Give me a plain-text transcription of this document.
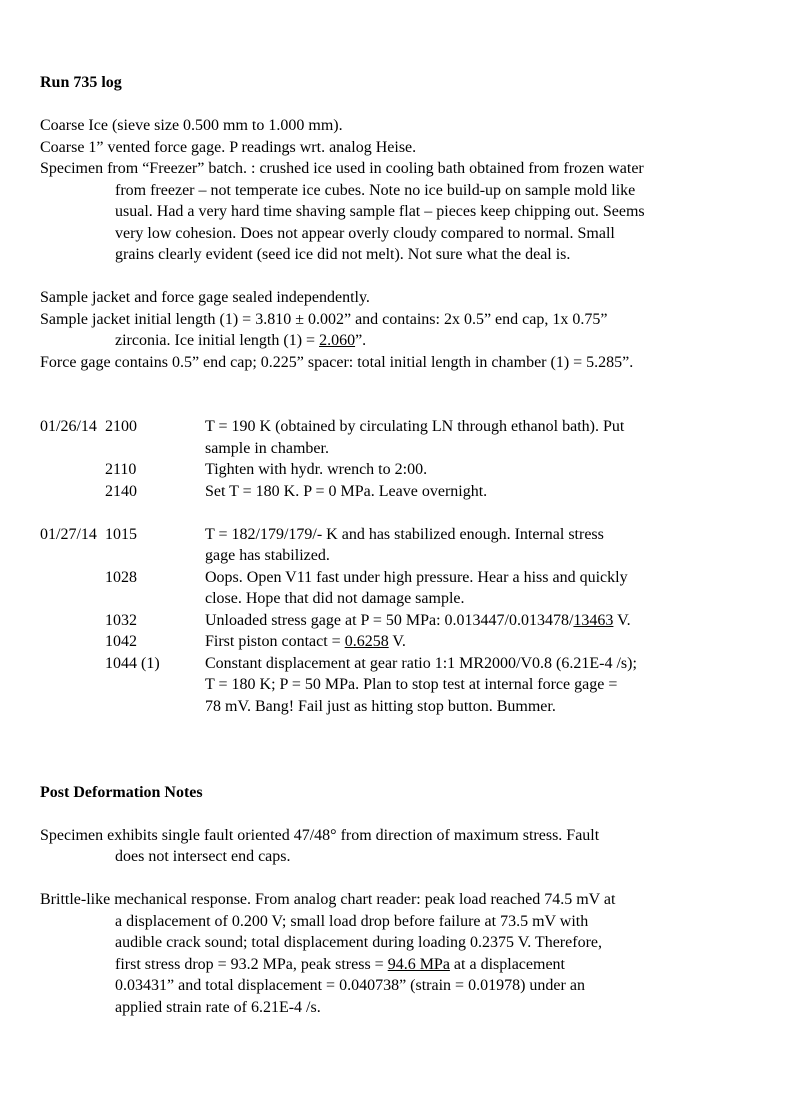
Run 735 log
Coarse Ice (sieve size 0.500 mm to 1.000 mm).
Coarse 1” vented force gage. P readings wrt. analog Heise.
Specimen from “Freezer” batch. : crushed ice used in cooling bath obtained from frozen water
from freezer – not temperate ice cubes. Note no ice build-up on sample mold like
usual. Had a very hard time shaving sample flat – pieces keep chipping out. Seems
very low cohesion. Does not appear overly cloudy compared to normal. Small
grains clearly evident (seed ice did not melt). Not sure what the deal is.
Sample jacket and force gage sealed independently.
Sample jacket initial length (1) = 3.810 ± 0.002” and contains: 2x 0.5” end cap, 1x 0.75”
zirconia. Ice initial length (1) = 2.060”.
Force gage contains 0.5” end cap; 0.225” spacer: total initial length in chamber (1) = 5.285”.
01/26/14 2100	T = 190 K (obtained by circulating LN through ethanol bath). Put
sample in chamber.
2110	Tighten with hydr. wrench to 2:00.
2140	Set T = 180 K. P = 0 MPa. Leave overnight.
01/27/14 1015	T = 182/179/179/- K and has stabilized enough. Internal stress
gage has stabilized.
1028	Oops. Open V11 fast under high pressure. Hear a hiss and quickly
close. Hope that did not damage sample.
1032	Unloaded stress gage at P = 50 MPa: 0.013447/0.013478/13463 V.
1042	First piston contact = 0.6258 V.
1044 (1)	Constant displacement at gear ratio 1:1 MR2000/V0.8 (6.21E-4 /s);
T = 180 K; P = 50 MPa. Plan to stop test at internal force gage =
78 mV. Bang! Fail just as hitting stop button. Bummer.
Post Deformation Notes
Specimen exhibits single fault oriented 47/48° from direction of maximum stress. Fault
does not intersect end caps.
Brittle-like mechanical response. From analog chart reader: peak load reached 74.5 mV at
a displacement of 0.200 V; small load drop before failure at 73.5 mV with
audible crack sound; total displacement during loading 0.2375 V. Therefore,
first stress drop = 93.2 MPa, peak stress = 94.6 MPa at a displacement
0.03431” and total displacement = 0.040738” (strain = 0.01978) under an
applied strain rate of 6.21E-4 /s.
